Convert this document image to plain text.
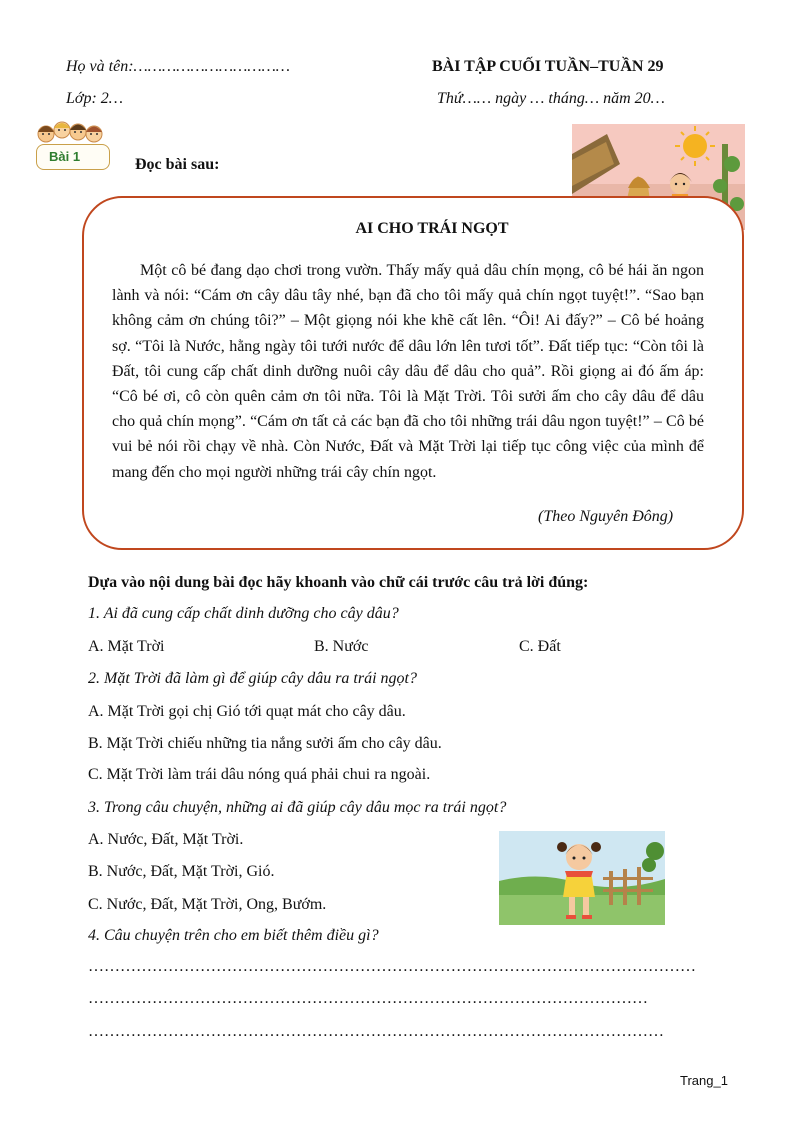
Họ và tên:……………………………
Lớp: 2…
BÀI TẬP CUỐI TUẦN–TUẦN 29
Thứ…… ngày … tháng… năm 20…
Bài 1	Đọc bài sau:
AI CHO TRÁI NGỌT

Một cô bé đang dạo chơi trong vườn. Thấy mấy quả dâu chín mọng, cô bé hái ăn ngon lành và nói: “Cám ơn cây dâu tây nhé, bạn đã cho tôi mấy quả chín ngọt tuyệt!”. “Sao bạn không cảm ơn chúng tôi?” – Một giọng nói khe khẽ cất lên. “Ôi! Ai đấy?” – Cô bé hoảng sợ. “Tôi là Nước, hằng ngày tôi tưới nước để dâu lớn lên tươi tốt”. Đất tiếp tục: “Còn tôi là Đất, tôi cung cấp chất dinh dưỡng nuôi cây dâu để dâu cho quả”. Rồi giọng ai đó ấm áp: “Cô bé ơi, cô còn quên cảm ơn tôi nữa. Tôi là Mặt Trời. Tôi sưởi ấm cho cây dâu để dâu cho quả chín mọng”. “Cám ơn tất cả các bạn đã cho tôi những trái dâu ngon tuyệt!” – Cô bé vui bẻ nói rồi chạy về nhà. Còn Nước, Đất và Mặt Trời lại tiếp tục công việc của mình để mang đến cho mọi người những trái cây chín ngọt.

(Theo Nguyên Đông)
Dựa vào nội dung bài đọc hãy khoanh vào chữ cái trước câu trả lời đúng:
1. Ai đã cung cấp chất dinh dưỡng cho cây dâu?
A. Mặt Trời	B. Nước	C. Đất
2. Mặt Trời đã làm gì để giúp cây dâu ra trái ngọt?
A. Mặt Trời gọi chị Gió tới quạt mát cho cây dâu.
B. Mặt Trời chiếu những tia nắng sưởi ấm cho cây dâu.
C. Mặt Trời làm trái dâu nóng quá phải chui ra ngoài.
3. Trong câu chuyện, những ai đã giúp cây dâu mọc ra trái ngọt?
A. Nước, Đất, Mặt Trời.
B. Nước, Đất, Mặt Trời, Gió.
C. Nước, Đất, Mặt Trời, Ong, Bướm.
4. Câu chuyện trên cho em biết thêm điều gì?
……………………………………………………………………………………………………
……………………………………………………………………………………………
………………………………………………………………………………………………
Trang_1
